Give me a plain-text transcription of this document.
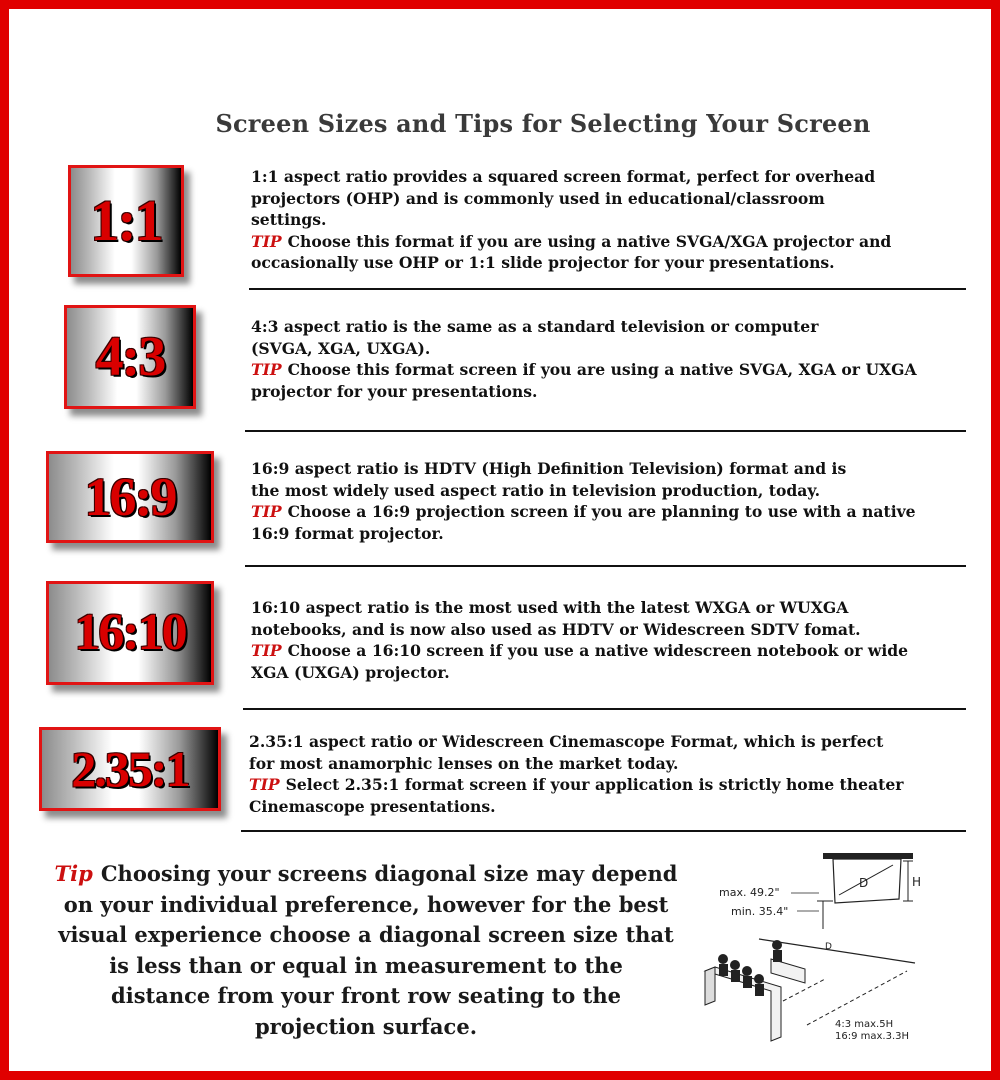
Screen Sizes and Tips for Selecting Your Screen
1:1
1:1 aspect ratio provides a squared screen format, perfect for overhead
projectors (OHP) and is commonly used in educational/classroom
settings.
TIP Choose this format if you are using a native SVGA/XGA projector and
occasionally use OHP or 1:1 slide projector for your presentations.
4:3	4:3 aspect ratio is the same as a standard television or computer
(SVGA, XGA, UXGA).
TIP Choose this format screen if you are using a native SVGA, XGA or UXGA
projector for your presentations.
16:9	16:9 aspect ratio is HDTV (High Definition Television) format and is
the most widely used aspect ratio in television production, today.
TIP Choose a 16:9 projection screen if you are planning to use with a native
16:9 format projector.
16:10	16:10 aspect ratio is the most used with the latest WXGA or WUXGA
notebooks, and is now also used as HDTV or Widescreen SDTV fomat.
TIP Choose a 16:10 screen if you use a native widescreen notebook or wide
XGA (UXGA) projector.
2.35:1	2.35:1 aspect ratio or Widescreen Cinemascope Format, which is perfect
for most anamorphic lenses on the market today.
TIP Select 2.35:1 format screen if your application is strictly home theater
Cinemascope presentations.
Tip Choosing your screens diagonal size may depend
on your individual preference, however for the best
visual experience choose a diagonal screen size that
is less than or equal in measurement to the
distance from your front row seating to the
projection surface.
D	H
max. 49.2"
min. 35.4"
D
4:3 max.5H
16:9 max.3.3H
